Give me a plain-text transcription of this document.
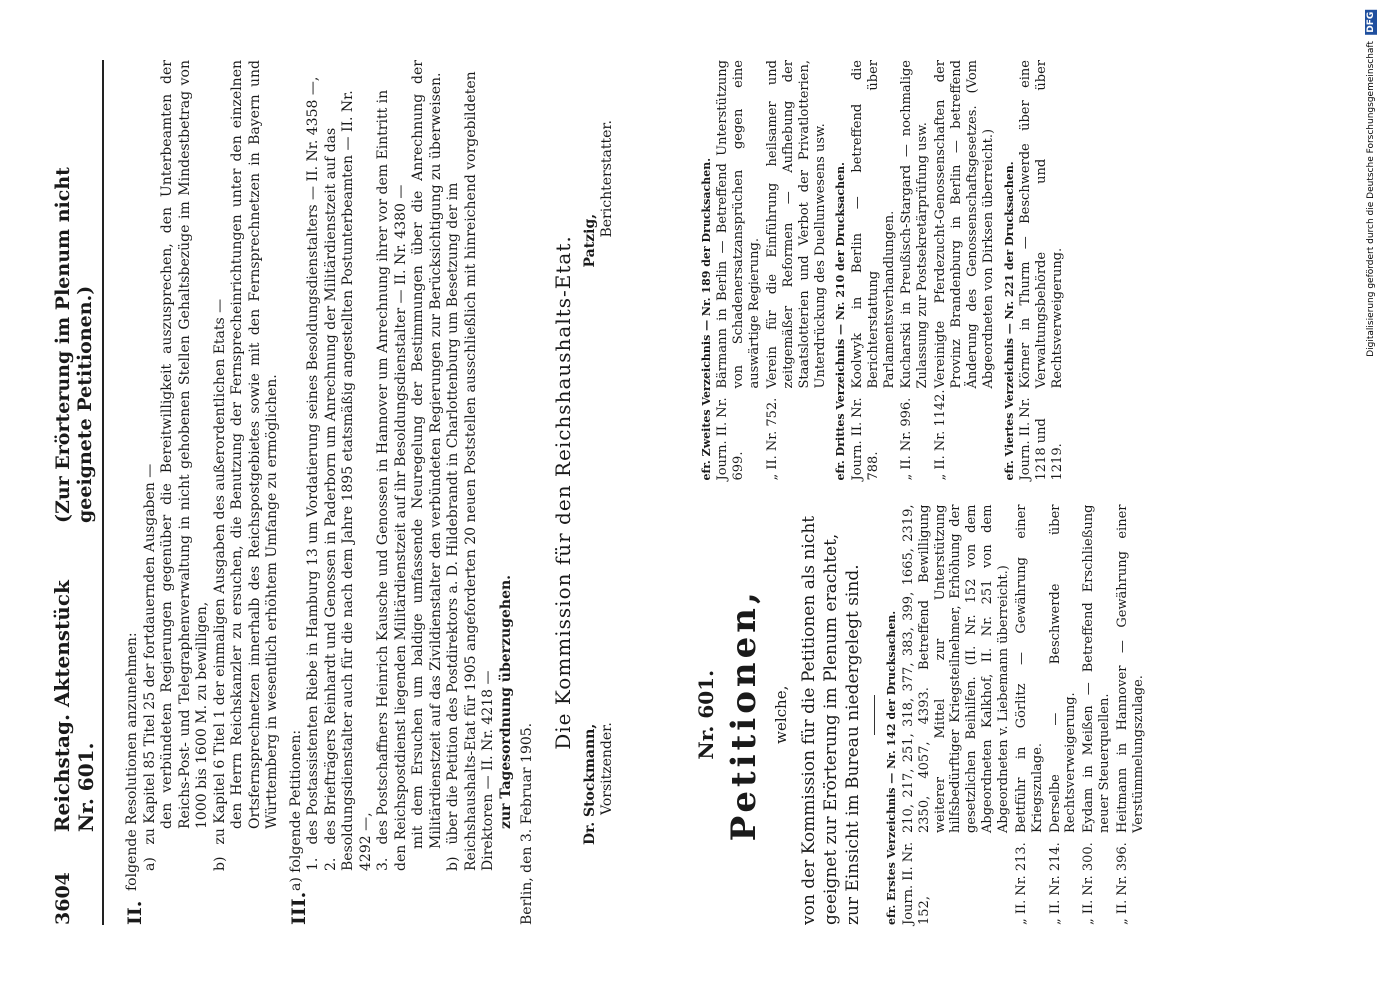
3604
Reichstag. Aktenstück Nr. 601.
(Zur Erörterung im Plenum nicht geeignete Petitionen.)
II.
folgende Resolutionen anzunehmen: a) zu Kapitel 85 Titel 25 der fortdauernden Ausgaben — den verbündeten Regierungen gegenüber die Bereitwilligkeit auszusprechen, den Unterbeamten der Reichs-Post- und Telegraphenverwaltung in nicht gehobenen Stellen Gehaltsbezüge im Mindestbetrag von 1000 bis 1600 M. zu bewilligen,
b) zu Kapitel 6 Titel 1 der einmaligen Ausgaben des außerordentlichen Etats — den Herrn Reichskanzler zu ersuchen, die Benutzung der Fernsprecheinrichtungen unter den einzelnen Ortsfernsprechnetzen innerhalb des Reichspostgebietes sowie mit den Fernsprechnetzen in Bayern und Württemberg in wesentlich erhöhtem Umfange zu ermöglichen.
III.
a) folgende Petitionen: 1. des Postassistenten Riebe in Hamburg 13 um Vordatierung seines Besoldungsdienstalters — II. Nr. 4358 —,
2. des Briefträgers Reinhardt und Genossen in Paderborn um Anrechnung der Militärdienstzeit auf das Besoldungsdienstalter auch für die nach dem Jahre 1895 etatsmäßig angestellten Postunterbeamten — II. Nr. 4292 —, 3. des Postschaffners Heinrich Kausche und Genossen in Hannover um Anrechnung ihrer vor dem Eintritt in den Reichspostdienst liegenden Militärdienstzeit auf ihr Besoldungsdienstalter — II. Nr. 4380 — mit dem Ersuchen um baldige umfassende Neuregelung der Bestimmungen über die Anrechnung der Militärdienstzeit auf das Zivildienstalter den verbündeten Regierungen zur Berücksichtigung zu überweisen.
b) über die Petition des Postdirektors a. D. Hildebrandt in Charlottenburg um Besetzung der im Reichshaushalts-Etat für 1905 angeforderten 20 neuen Poststellen ausschließlich mit hinreichend vorgebildeten Direktoren — II. Nr. 4218 — zur Tagesordnung überzugehen. Berlin, den 3. Februar 1905.
Die Kommission für den Reichshaushalts-Etat.
Dr. Stockmann, Vorsitzender.
Patzig,
Berichterstatter.
Nr. 601. Petitionen, welche, von der Kommission für die Petitionen als nicht geeignet zur Erörterung im Plenum erachtet, zur Einsicht im Bureau niedergelegt sind. efr. Erstes Verzeichnis — Nr. 142 der Drucksachen. Journ. II. Nr. 152,
210, 217, 251, 318, 377, 383, 399, 1665, 2319, 2350, 4057, 4393. Betreffend Bewilligung weiterer Mittel zur Unterstützung hilfsbedürftiger Kriegsteilnehmer, Erhöhung der gesetzlichen Beihilfen. (II. Nr. 152 von dem Abgeordneten Kalkhof, II. Nr. 251 von dem Abgeordneten v. Liebemann überreicht.)
„ II. Nr. 213.
Bettführ in Görlitz — Gewährung einer Kriegszulage.
„ II. Nr. 214.
Derselbe — Beschwerde über Rechtsverweigerung.
„ II. Nr. 300.
Eydam in Meißen — Betreffend Erschließung neuer Steuerquellen.
„ II. Nr. 396.
Heitmann in Hannover — Gewährung einer Verstümmelungszulage.
efr. Zweites Verzeichnis — Nr. 189 der Drucksachen. Journ. II. Nr. 699.
Bärmann in Berlin — Betreffend Unterstützung von Schadenersatzansprüchen gegen eine auswärtige Regierung.
„ II. Nr. 752.
Verein für die Einführung heilsamer und zeitgemäßer Reformen — Aufhebung der Staatslotterien und Verbot der Privatlotterien, Unterdrückung des Duellunwesens usw. efr. Drittes Verzeichnis — Nr. 210 der Drucksachen. Journ. II. Nr. 788.
Koolwyk in Berlin — betreffend die Berichterstattung über Parlamentsverhandlungen.
„ II. Nr. 996.
Kucharski in Preußisch-Stargard — nochmalige Zulassung zur Postsekretärprüfung usw.
„ II. Nr. 1142.
Vereinigte Pferdezucht-Genossenschaften der Provinz Brandenburg in Berlin — betreffend Änderung des Genossenschaftsgesetzes. (Vom Abgeordneten von Dirksen überreicht.) efr. Viertes Verzeichnis — Nr. 221 der Drucksachen. Journ. II. Nr. 1218 und 1219.
Körner in Thurm — Beschwerde über eine Verwaltungsbehörde und über Rechtsverweigerung.	Digitalisierung gefördert durch die Deutsche Forschungsgemeinschaft
DFG
